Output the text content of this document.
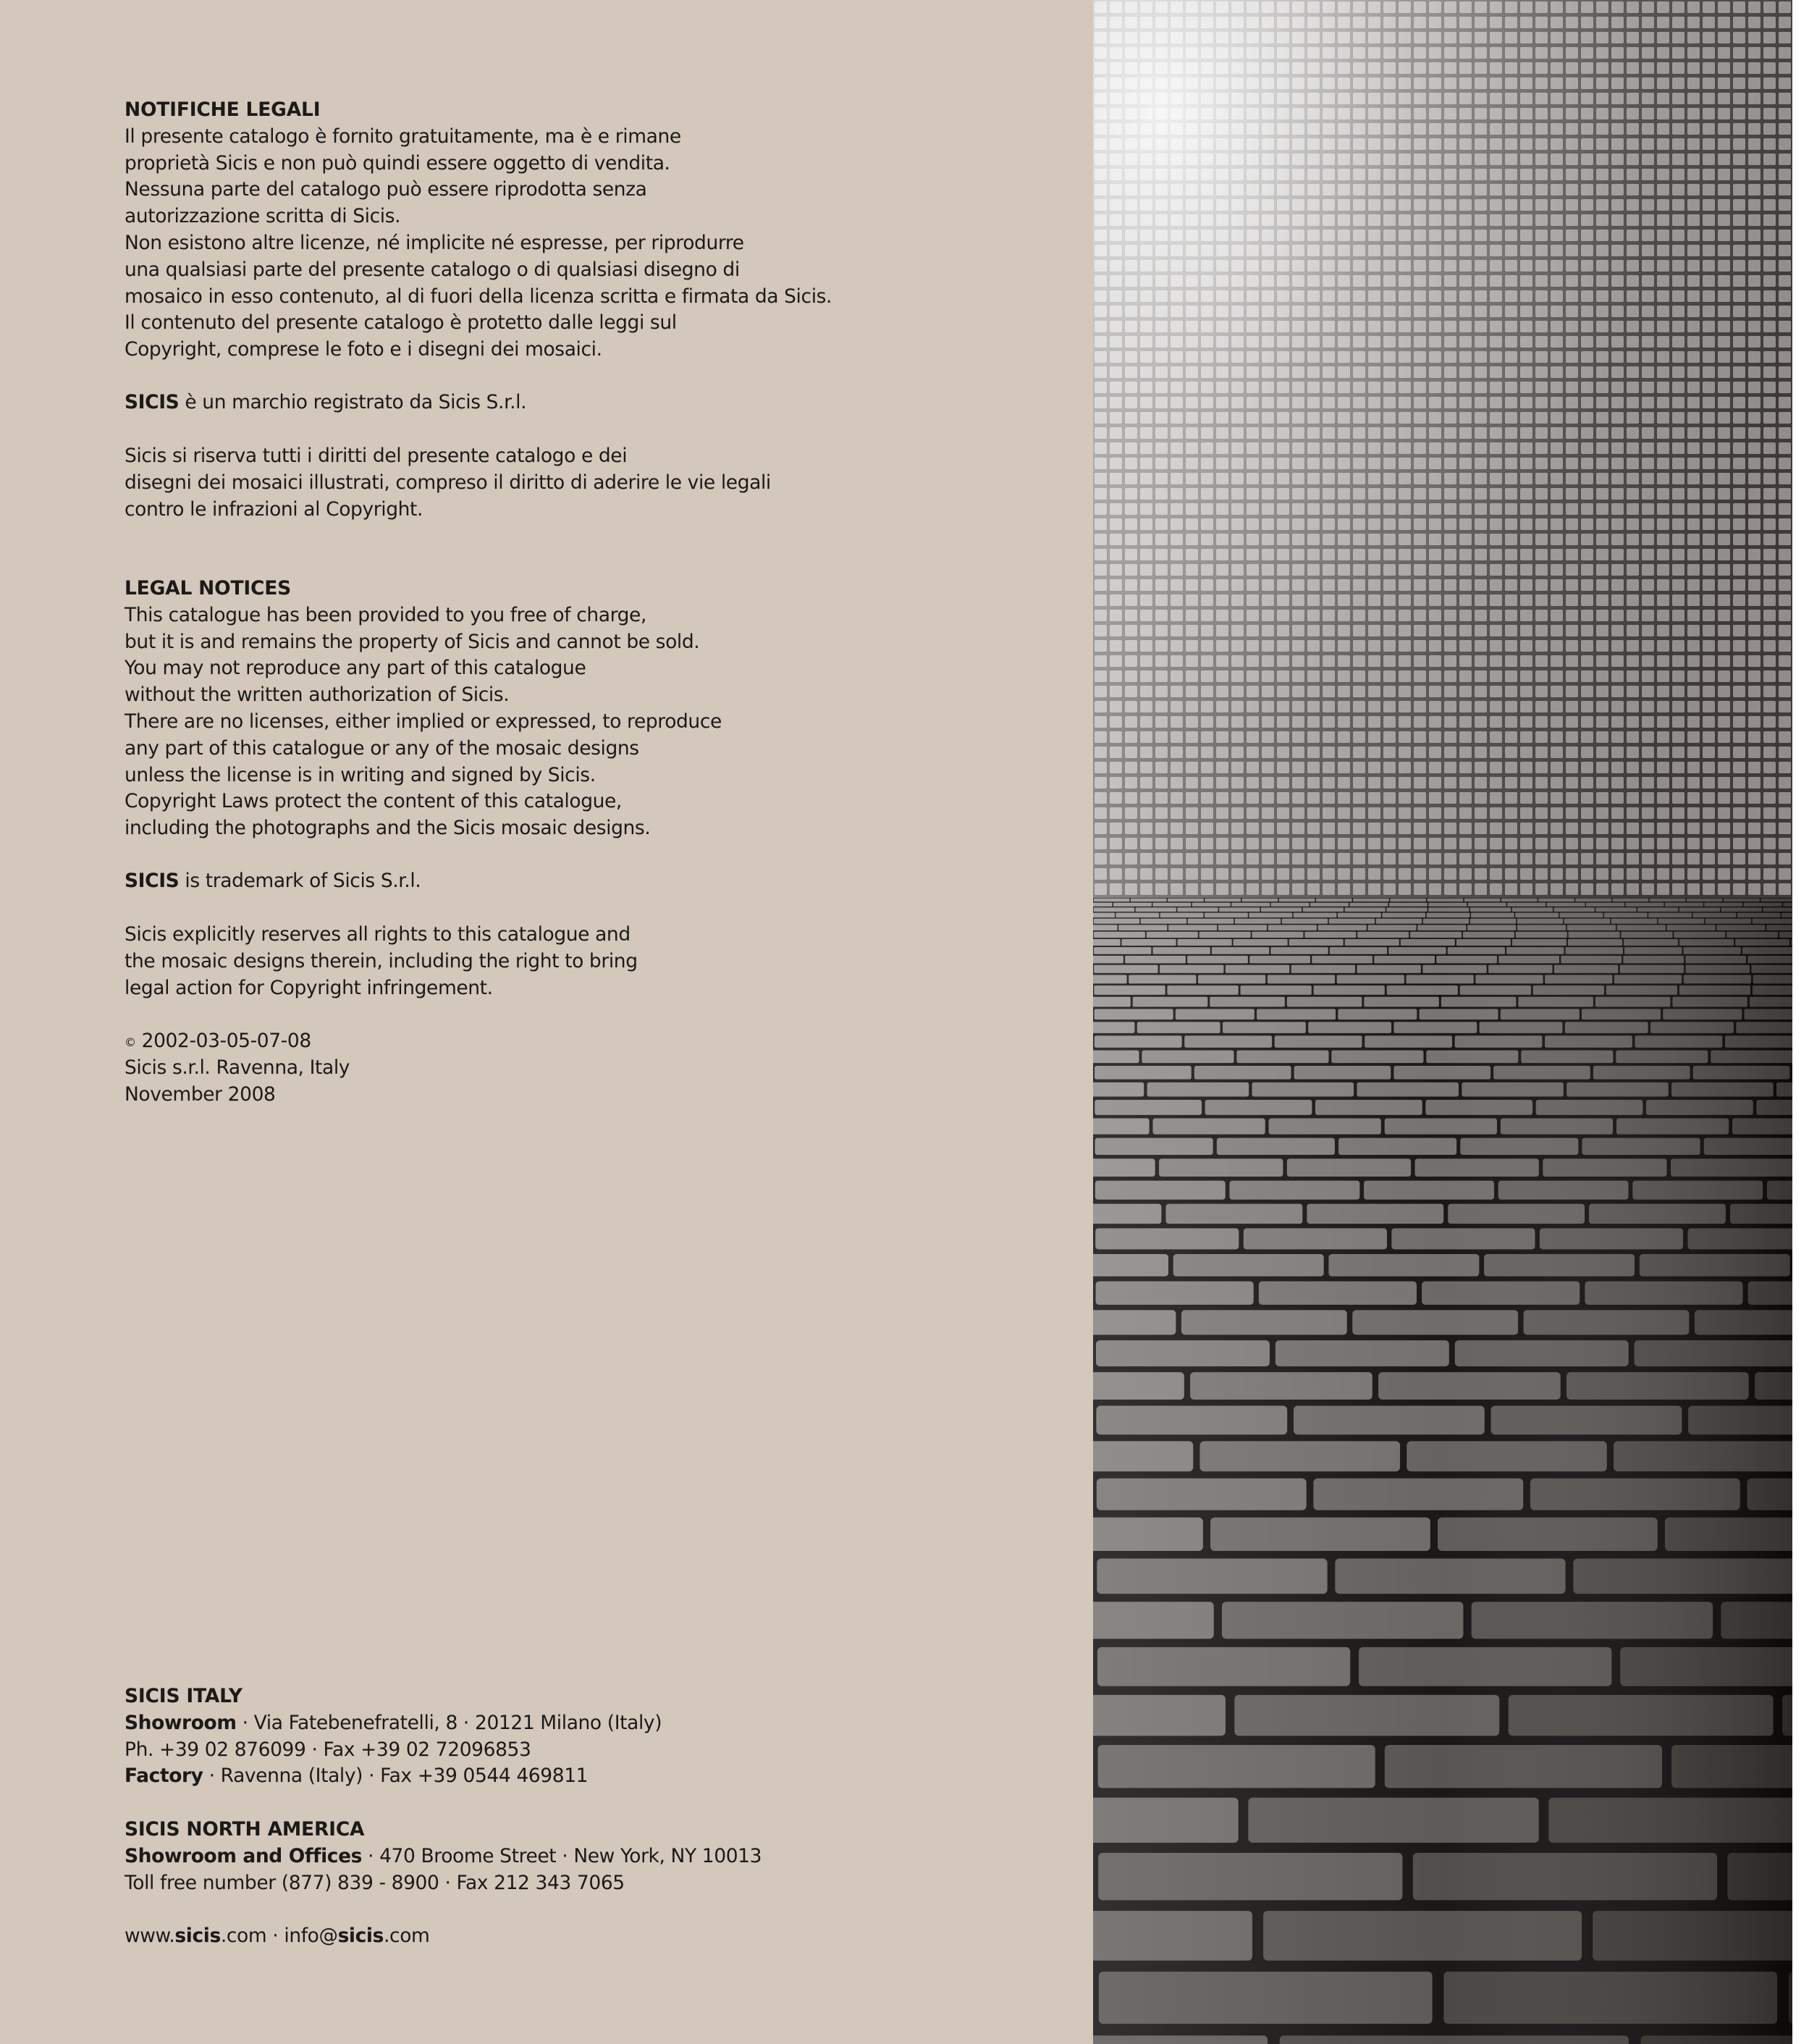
NOTIFICHE LEGALI
Il presente catalogo è fornito gratuitamente, ma è e rimane
proprietà Sicis e non può quindi essere oggetto di vendita.
Nessuna parte del catalogo può essere riprodotta senza
autorizzazione scritta di Sicis.
Non esistono altre licenze, né implicite né espresse, per riprodurre
una qualsiasi parte del presente catalogo o di qualsiasi disegno di
mosaico in esso contenuto, al di fuori della licenza scritta e firmata da Sicis.
Il contenuto del presente catalogo è protetto dalle leggi sul
Copyright, comprese le foto e i disegni dei mosaici.
SICIS è un marchio registrato da Sicis S.r.l.
Sicis si riserva tutti i diritti del presente catalogo e dei
disegni dei mosaici illustrati, compreso il diritto di aderire le vie legali
contro le infrazioni al Copyright.
LEGAL NOTICES
This catalogue has been provided to you free of charge,
but it is and remains the property of Sicis and cannot be sold.
You may not reproduce any part of this catalogue
without the written authorization of Sicis.
There are no licenses, either implied or expressed, to reproduce
any part of this catalogue or any of the mosaic designs
unless the license is in writing and signed by Sicis.
Copyright Laws protect the content of this catalogue,
including the photographs and the Sicis mosaic designs.
SICIS is trademark of Sicis S.r.l.
Sicis explicitly reserves all rights to this catalogue and
the mosaic designs therein, including the right to bring
legal action for Copyright infringement.
© 2002-03-05-07-08
Sicis s.r.l. Ravenna, Italy
November 2008
SICIS ITALY
Showroom · Via Fatebenefratelli, 8 · 20121 Milano (Italy)
Ph. +39 02 876099 · Fax +39 02 72096853
Factory · Ravenna (Italy) · Fax +39 0544 469811
SICIS NORTH AMERICA
Showroom and Offices · 470 Broome Street · New York, NY 10013
Toll free number (877) 839 - 8900 · Fax 212 343 7065
www.sicis.com · info@sicis.com
